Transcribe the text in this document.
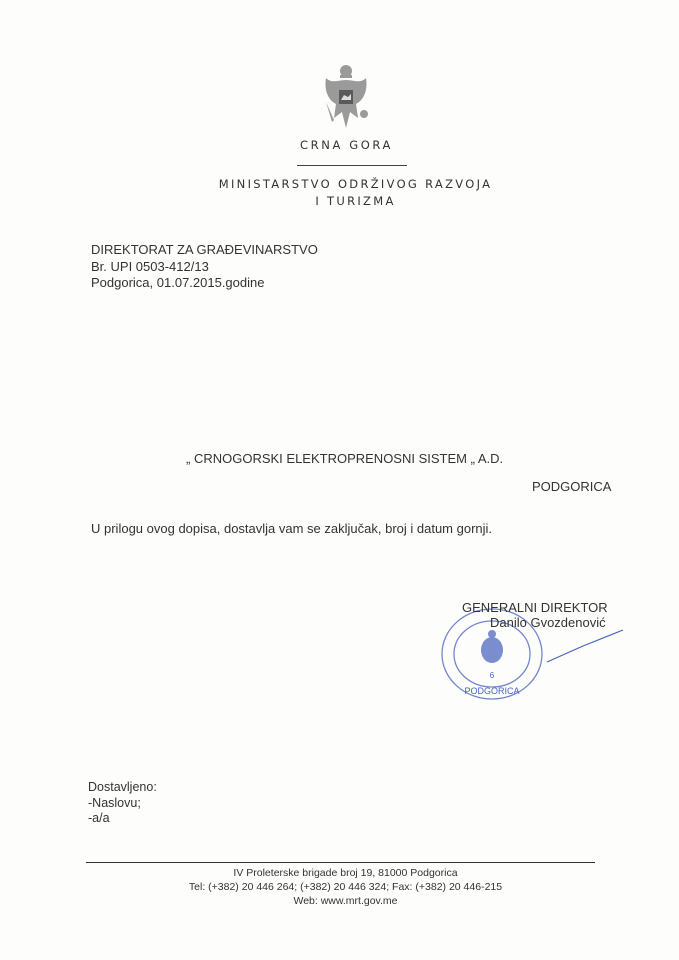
CRNA GORA
MINISTARSTVO ODRŽIVOG RAZVOJA
I TURIZMA
DIREKTORAT ZA GRAĐEVINARSTVO
Br. UPI 0503-412/13
Podgorica, 01.07.2015.godine
„ CRNOGORSKI ELEKTROPRENOSNI SISTEM „ A.D.
PODGORICA
U prilogu ovog dopisa, dostavlja vam se zaključak, broj i datum gornji.
6
PODGORICA
GENERALNI DIREKTOR
Danilo Gvozdenović
Dostavljeno:
-Naslovu;
-a/a
IV Proleterske brigade broj 19, 81000 Podgorica
Tel: (+382) 20 446 264; (+382) 20 446 324; Fax: (+382) 20 446-215
Web: www.mrt.gov.me
